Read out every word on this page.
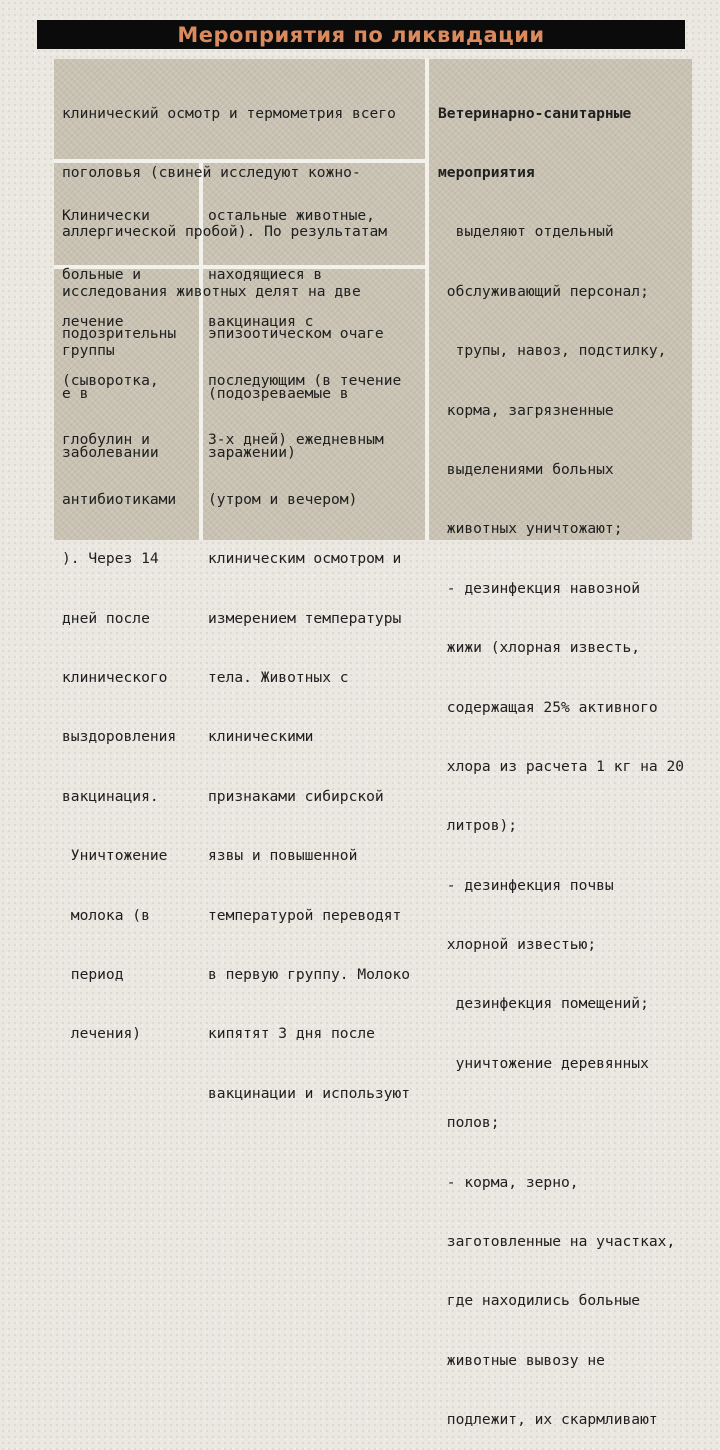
Мероприятия по ликвидации

клинический осмотр и термометрия всего

поголовья (свиней исследуют кожно-

аллергической пробой). По результатам

исследования животных делят на две

группы

Клинически

больные и

подозрительны

е в

заболевании

остальные животные,

находящиеся в

эпизоотическом очаге

(подозреваемые в

заражении)

лечение

(сыворотка,

глобулин и

антибиотиками

). Через 14

дней после

клинического

выздоровления

вакцинация.

Уничтожение

молока (в

период

лечения)

вакцинация с

последующим (в течение

3-х дней) ежедневным

(утром и вечером)

клиническим осмотром и

измерением температуры

тела. Животных с

клиническими

признаками сибирской

язвы и повышенной

температурой переводят

в первую группу. Молоко

кипятят 3 дня после

вакцинации и используют

Ветеринарно-санитарные

мероприятия

выделяют отдельный

обслуживающий персонал;

трупы, навоз, подстилку,

корма, загрязненные

выделениями больных

животных уничтожают;

- дезинфекция навозной

жижи (хлорная известь,

содержащая 25% активного

хлора из расчета 1 кг на 20

литров);

- дезинфекция почвы

хлорной известью;

дезинфекция помещений;

уничтожение деревянных

полов;

- корма, зерно,

заготовленные на участках,

где находились больные

животные вывозу не

подлежит, их скармливают
